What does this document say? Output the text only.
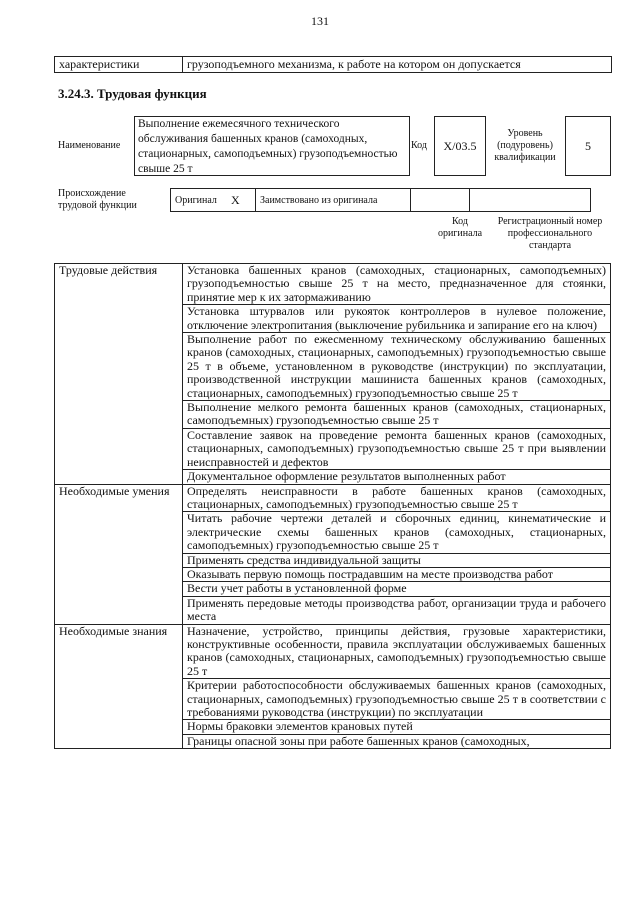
131
характеристики	грузоподъемного механизма, к работе на котором он допускается
3.24.3. Трудовая функция
Наименование
Выполнение ежемесячного технического обслуживания башенных кранов (самоходных, стационарных, самоподъемных) грузоподъемностью свыше 25 т
Код	X/03.5
Уровень (подуровень) квалификации
5
Происхождение трудовой функции	Оригинал	X	Заимствовано из оригинала		
Код оригинала
Регистрационный номер профессионального стандарта
Трудовые действия	Установка башенных кранов (самоходных, стационарных, самоподъемных) грузоподъемностью свыше 25 т на место, предназначенное для стоянки, принятие мер к их затормаживанию
	Установка штурвалов или рукояток контроллеров в нулевое положение, отключение электропитания (выключение рубильника и запирание его на ключ)
	Выполнение работ по ежесменному техническому обслуживанию башенных кранов (самоходных, стационарных, самоподъемных) грузоподъемностью свыше 25 т в объеме, установленном в руководстве (инструкции) по эксплуатации, производственной инструкции машиниста башенных кранов (самоходных, стационарных, самоподъемных) грузоподъемностью свыше 25 т
	Выполнение мелкого ремонта башенных кранов (самоходных, стационарных, самоподъемных) грузоподъемностью свыше 25 т
	Составление заявок на проведение ремонта башенных кранов (самоходных, стационарных, самоподъемных) грузоподъемностью свыше 25 т при выявлении неисправностей и дефектов
	Документальное оформление результатов выполненных работ
Необходимые умения	Определять неисправности в работе башенных кранов (самоходных, стационарных, самоподъемных) грузоподъемностью свыше 25 т
	Читать рабочие чертежи деталей и сборочных единиц, кинематические и электрические схемы башенных кранов (самоходных, стационарных, самоподъемных) грузоподъемностью свыше 25 т
	Применять средства индивидуальной защиты
	Оказывать первую помощь пострадавшим на месте производства работ
	Вести учет работы в установленной форме
	Применять передовые методы производства работ, организации труда и рабочего места
Необходимые знания	Назначение, устройство, принципы действия, грузовые характеристики, конструктивные особенности, правила эксплуатации обслуживаемых башенных кранов (самоходных, стационарных, самоподъемных) грузоподъемностью свыше 25 т
	Критерии работоспособности обслуживаемых башенных кранов (самоходных, стационарных, самоподъемных) грузоподъемностью свыше 25 т в соответствии с требованиями руководства (инструкции) по эксплуатации
	Нормы браковки элементов крановых путей
	Границы опасной зоны при работе башенных кранов (самоходных,
